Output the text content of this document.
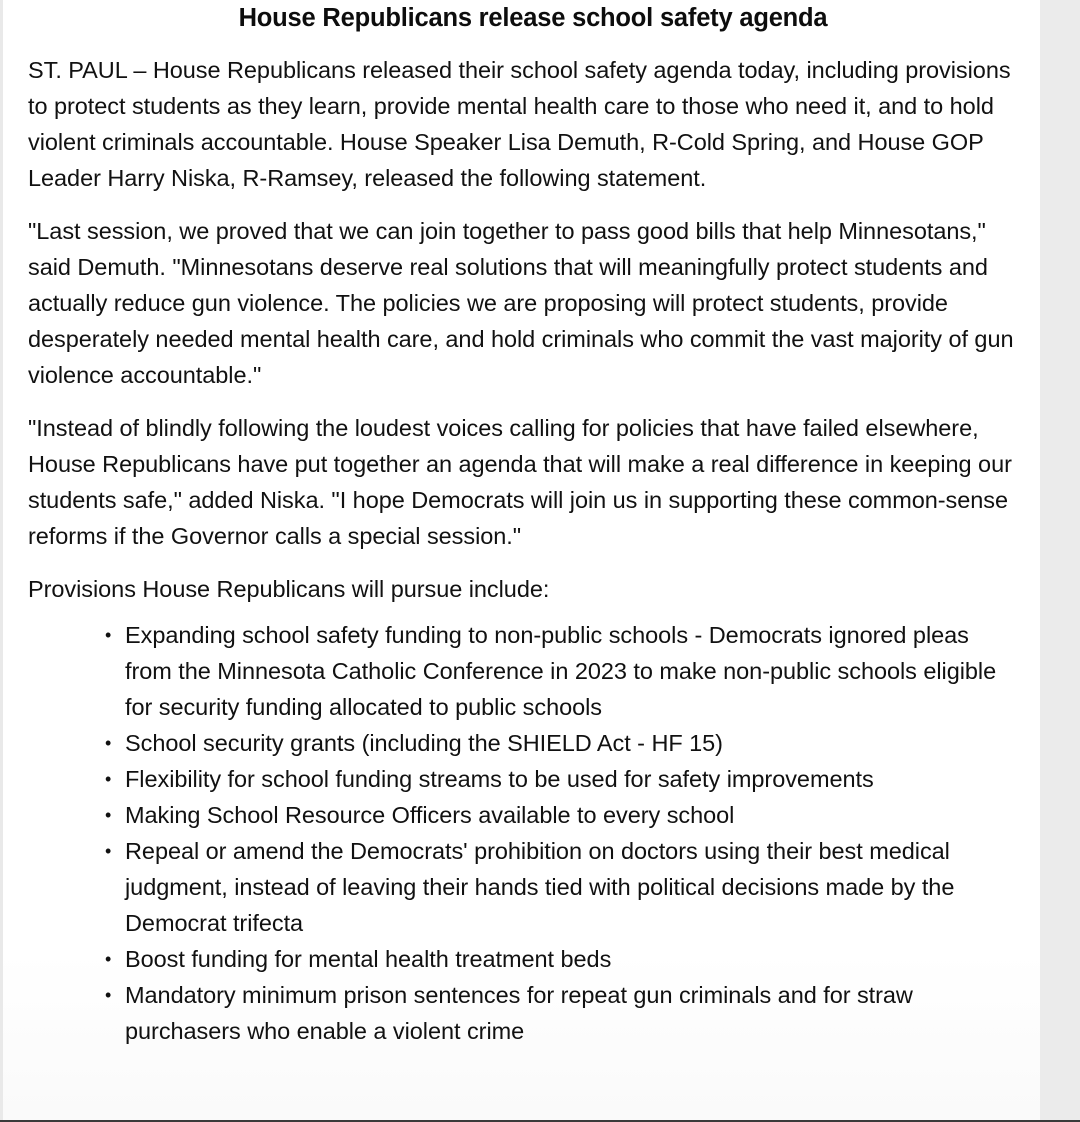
House Republicans release school safety agenda

ST. PAUL – House Republicans released their school safety agenda today, including provisions to protect students as they learn, provide mental health care to those who need it, and to hold violent criminals accountable. House Speaker Lisa Demuth, R-Cold Spring, and House GOP Leader Harry Niska, R-Ramsey, released the following statement.

"Last session, we proved that we can join together to pass good bills that help Minnesotans," said Demuth. "Minnesotans deserve real solutions that will meaningfully protect students and actually reduce gun violence. The policies we are proposing will protect students, provide desperately needed mental health care, and hold criminals who commit the vast majority of gun violence accountable."

"Instead of blindly following the loudest voices calling for policies that have failed elsewhere, House Republicans have put together an agenda that will make a real difference in keeping our students safe," added Niska. "I hope Democrats will join us in supporting these common-sense reforms if the Governor calls a special session."

Provisions House Republicans will pursue include:

• Expanding school safety funding to non-public schools - Democrats ignored pleas from the Minnesota Catholic Conference in 2023 to make non-public schools eligible for security funding allocated to public schools
• School security grants (including the SHIELD Act - HF 15)
• Flexibility for school funding streams to be used for safety improvements
• Making School Resource Officers available to every school
• Repeal or amend the Democrats' prohibition on doctors using their best medical judgment, instead of leaving their hands tied with political decisions made by the Democrat trifecta
• Boost funding for mental health treatment beds
• Mandatory minimum prison sentences for repeat gun criminals and for straw purchasers who enable a violent crime
